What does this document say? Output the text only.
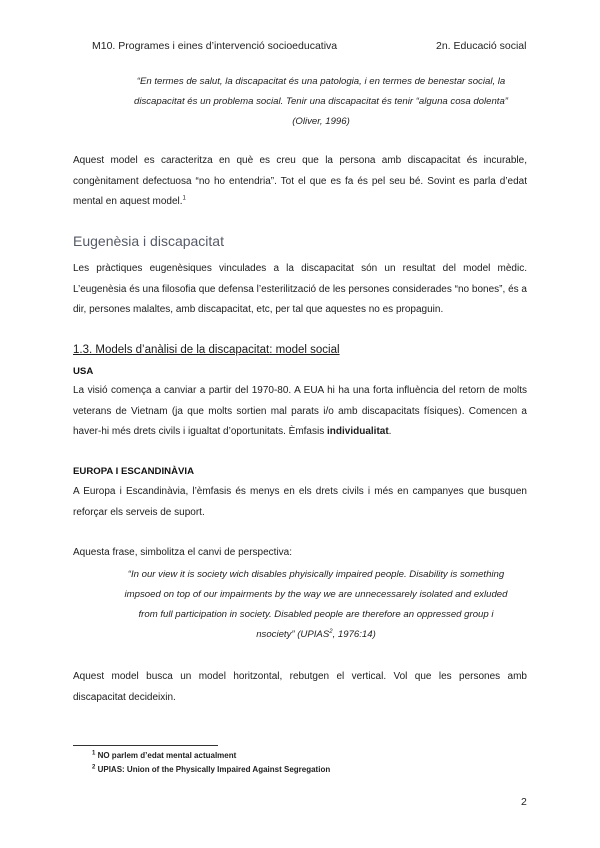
M10. Programes i eines d’intervenció socioeducativa	2n. Educació social
“En termes de salut, la discapacitat és una patologia, i en termes de benestar social, la
discapacitat és un problema social. Tenir una discapacitat és tenir “alguna cosa dolenta”
(Oliver, 1996)
Aquest model es caracteritza en què es creu que la persona amb discapacitat és incurable,
congènitament defectuosa “no ho entendria”. Tot el que es fa és pel seu bé. Sovint es parla d’edat
mental en aquest model.$^1$
Eugenèsia i discapacitat
Les pràctiques eugenèsiques vinculades a la discapacitat són un resultat del model mèdic.
L’eugenèsia és una filosofia que defensa l’esterilització de les persones considerades “no bones”, és a
dir, persones malaltes, amb discapacitat, etc, per tal que aquestes no es propaguin.
1.3. Models d’anàlisi de la discapacitat: model social
USA
La visió comença a canviar a partir del 1970-80. A EUA hi ha una forta influència del retorn de molts
veterans de Vietnam (ja que molts sortien mal parats i/o amb discapacitats físiques). Comencen a
haver-hi més drets civils i igualtat d’oportunitats. Èmfasis individualitat.
EUROPA I ESCANDINÀVIA
A Europa i Escandinàvia, l’èmfasis és menys en els drets civils i més en campanyes que busquen
reforçar els serveis de suport.
Aquesta frase, simbolitza el canvi de perspectiva:
“In our view it is society wich disables phyisically impaired people. Disability is something
impsoed on top of our impairments by the way we are unnecessarely isolated and exluded
from full participation in society. Disabled people are therefore an oppressed group i
nsociety” (UPIAS$^2$, 1976:14)
Aquest model busca un model horitzontal, rebutgen el vertical. Vol que les persones amb
discapacitat decideixin.
$^1$ NO parlem d’edat mental actualment
$^2$ UPIAS: Union of the Physically Impaired Against Segregation
2
